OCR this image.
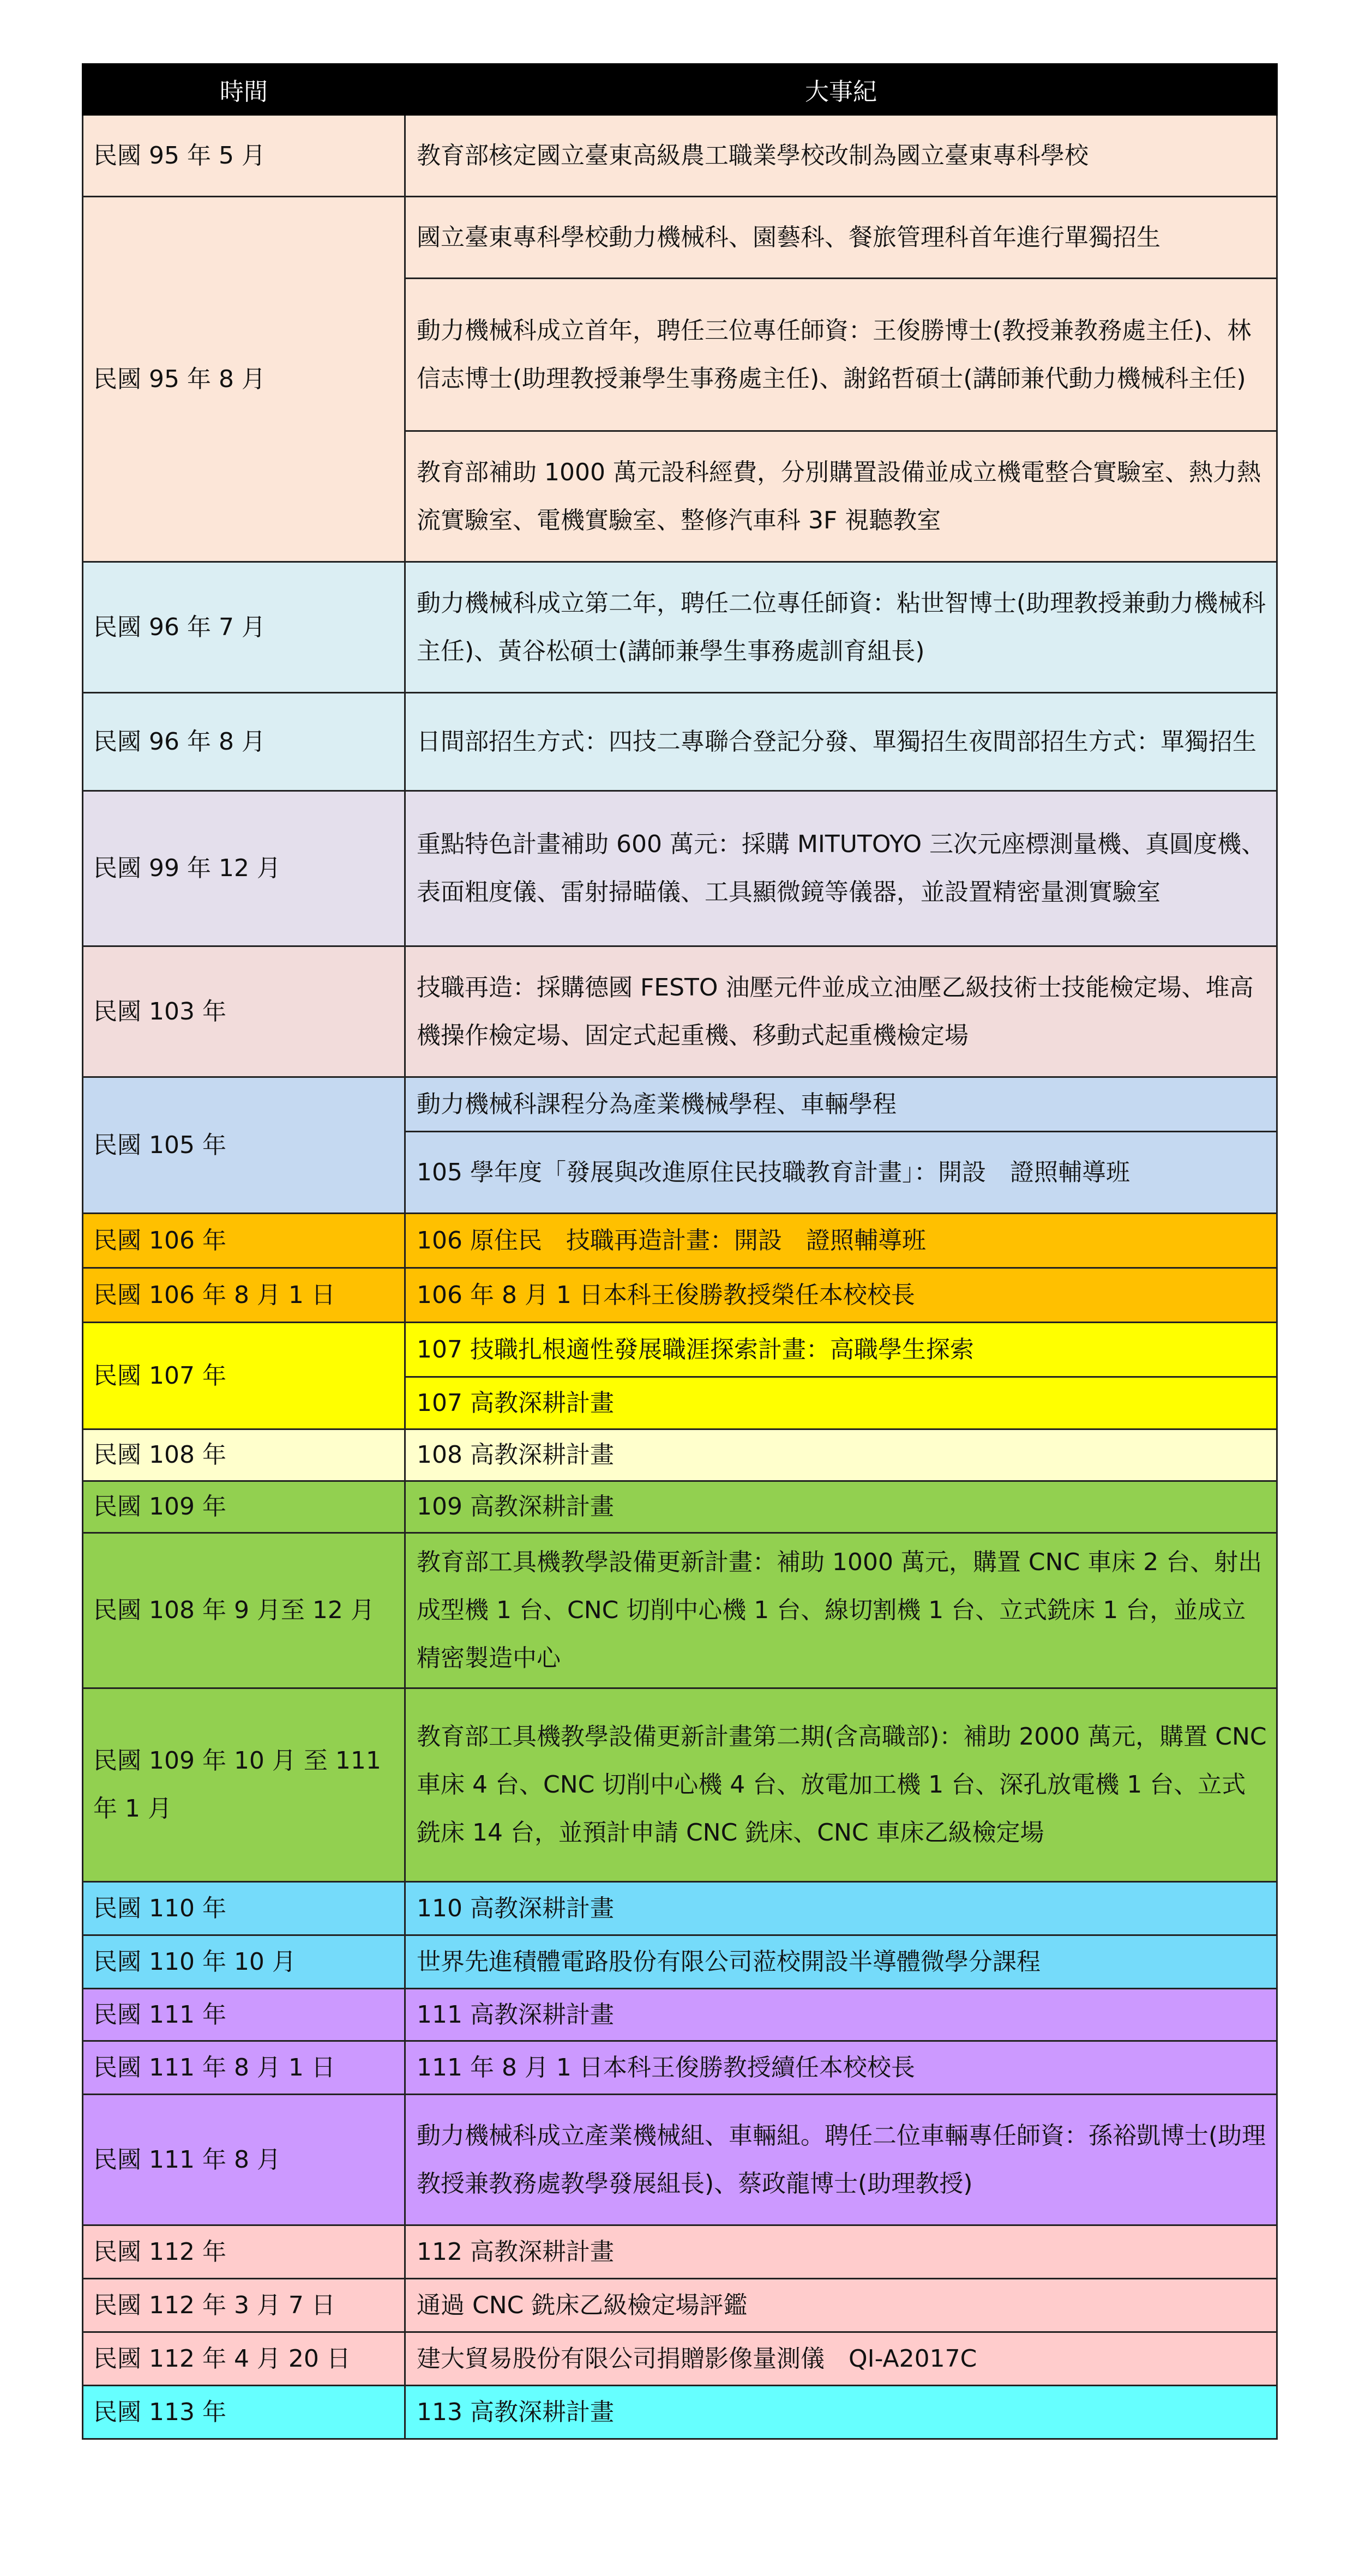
時間	大事紀
民國 95 年 5 月	教育部核定國立臺東高級農工職業學校改制為國立臺東專科學校
民國 95 年 8 月	國立臺東專科學校動力機械科、園藝科、餐旅管理科首年進行單獨招生
	動力機械科成立首年，聘任三位專任師資：王俊勝博士(教授兼教務處主任)、林信志博士(助理教授兼學生事務處主任)、謝銘哲碩士(講師兼代動力機械科主任)
	教育部補助 1000 萬元設科經費，分別購置設備並成立機電整合實驗室、熱力熱流實驗室、電機實驗室、整修汽車科 3F 視聽教室
民國 96 年 7 月	動力機械科成立第二年，聘任二位專任師資：粘世智博士(助理教授兼動力機械科主任)、黃谷松碩士(講師兼學生事務處訓育組長)
民國 96 年 8 月	日間部招生方式：四技二專聯合登記分發、單獨招生夜間部招生方式：單獨招生
民國 99 年 12 月	重點特色計畫補助 600 萬元：採購 MITUTOYO 三次元座標測量機、真圓度機、表面粗度儀、雷射掃瞄儀、工具顯微鏡等儀器，並設置精密量測實驗室
民國 103 年	技職再造：採購德國 FESTO 油壓元件並成立油壓乙級技術士技能檢定場、堆高機操作檢定場、固定式起重機、移動式起重機檢定場
民國 105 年	動力機械科課程分為產業機械學程、車輛學程
	105 學年度「發展與改進原住民技職教育計畫」：開設　證照輔導班
民國 106 年	106 原住民　技職再造計畫：開設　證照輔導班
民國 106 年 8 月 1 日	106 年 8 月 1 日本科王俊勝教授榮任本校校長
民國 107 年	107 技職扎根適性發展職涯探索計畫：高職學生探索
	107 高教深耕計畫
民國 108 年	108 高教深耕計畫
民國 109 年	109 高教深耕計畫
民國 108 年 9 月至 12 月	教育部工具機教學設備更新計畫：補助 1000 萬元，購置 CNC 車床 2 台、射出成型機 1 台、CNC 切削中心機 1 台、線切割機 1 台、立式銑床 1 台，並成立精密製造中心
民國 109 年 10 月 至 111 年 1 月	教育部工具機教學設備更新計畫第二期(含高職部)：補助 2000 萬元，購置 CNC 車床 4 台、CNC 切削中心機 4 台、放電加工機 1 台、深孔放電機 1 台、立式銑床 14 台，並預計申請 CNC 銑床、CNC 車床乙級檢定場
民國 110 年	110 高教深耕計畫
民國 110 年 10 月	世界先進積體電路股份有限公司蒞校開設半導體微學分課程
民國 111 年	111 高教深耕計畫
民國 111 年 8 月 1 日	111 年 8 月 1 日本科王俊勝教授續任本校校長
民國 111 年 8 月	動力機械科成立產業機械組、車輛組。聘任二位車輛專任師資：孫裕凱博士(助理教授兼教務處教學發展組長)、蔡政龍博士(助理教授)
民國 112 年	112 高教深耕計畫
民國 112 年 3 月 7 日	通過 CNC 銑床乙級檢定場評鑑
民國 112 年 4 月 20 日	建大貿易股份有限公司捐贈影像量測儀　QI-A2017C
民國 113 年	113 高教深耕計畫
